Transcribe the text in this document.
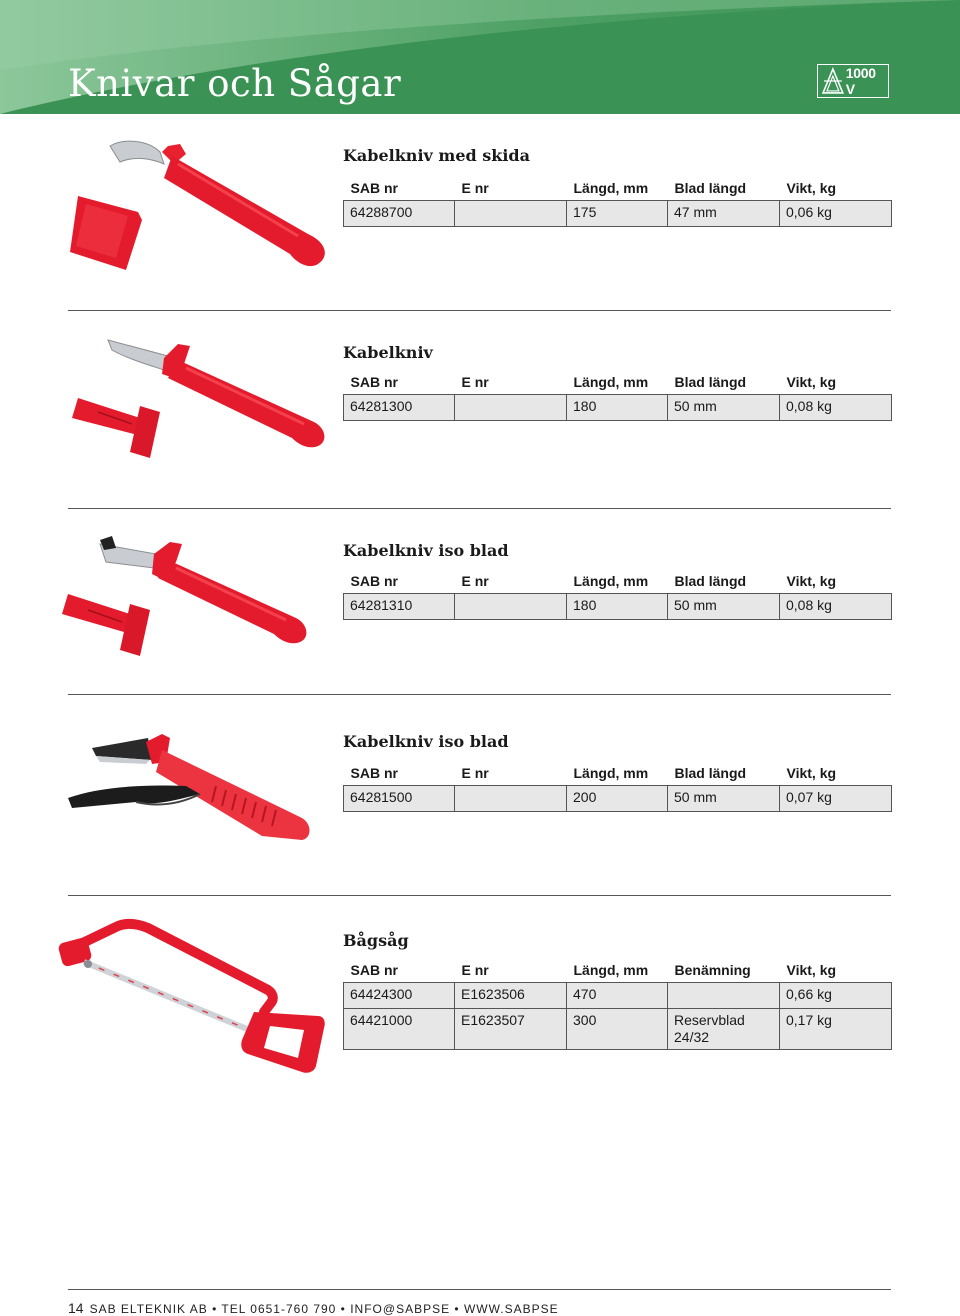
Knivar och Sågar	1000 V
Kabelkniv med skida
SAB nr	E nr	Längd, mm	Blad längd	Vikt, kg
64288700		175	47 mm	0,06 kg
Kabelkniv
SAB nr	E nr	Längd, mm	Blad längd	Vikt, kg
64281300		180	50 mm	0,08 kg
Kabelkniv iso blad
SAB nr	E nr	Längd, mm	Blad längd	Vikt, kg
64281310		180	50 mm	0,08 kg
Kabelkniv iso blad
SAB nr	E nr	Längd, mm	Blad längd	Vikt, kg
64281500		200	50 mm	0,07 kg
Bågsåg
SAB nr	E nr	Längd, mm	Benämning	Vikt, kg
64424300	E1623506	470		0,66 kg
64421000	E1623507	300	Reservblad 24/32	0,17 kg
14 SAB ELTEKNIK AB • TEL 0651-760 790 • INFO@SABPSE • WWW.SABPSE
